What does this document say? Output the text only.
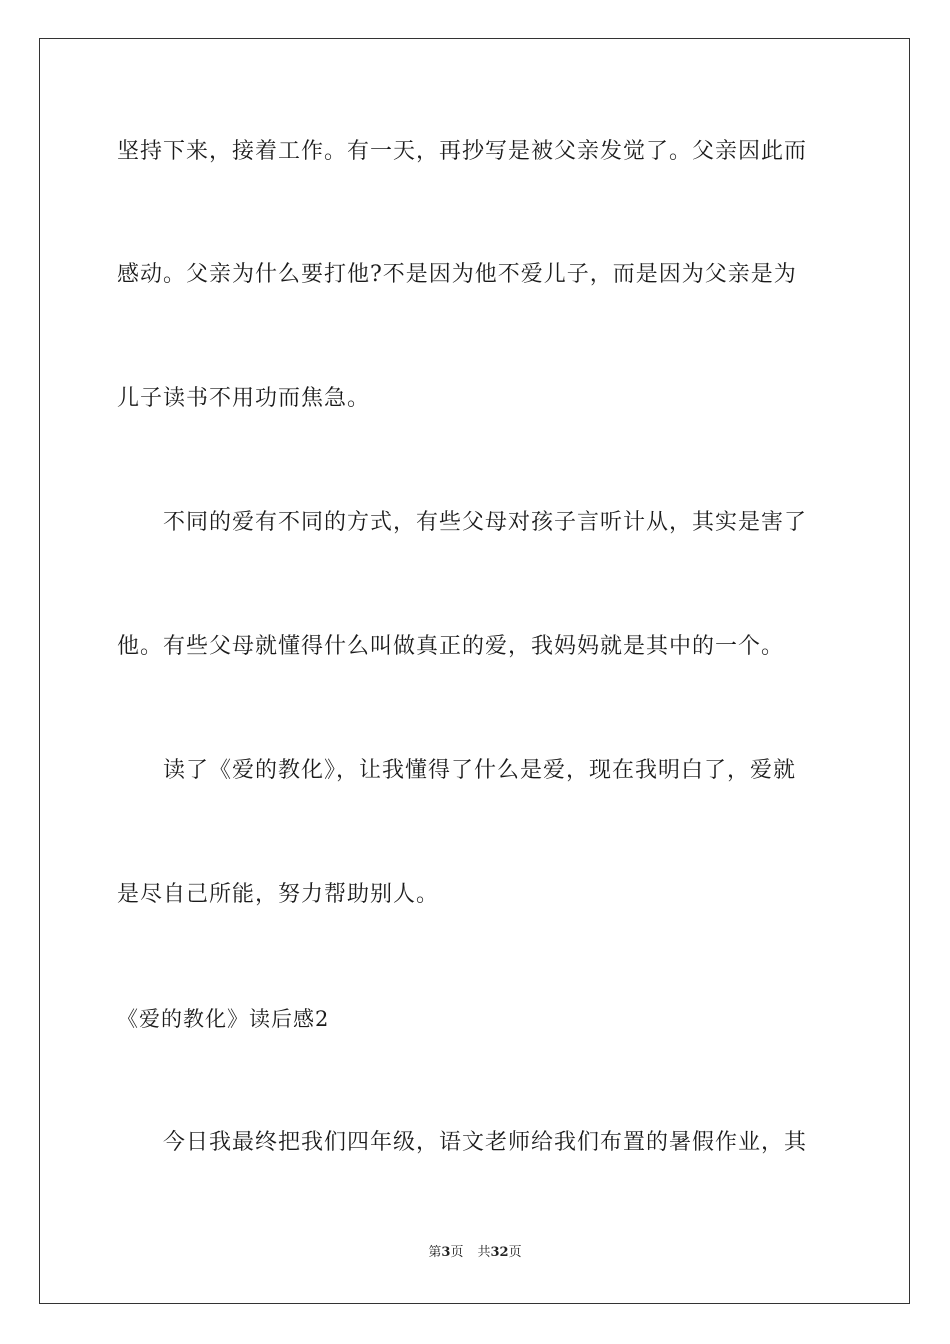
坚持下来，接着工作。有一天，再抄写是被父亲发觉了。父亲因此而
感动。父亲为什么要打他?不是因为他不爱儿子，而是因为父亲是为
儿子读书不用功而焦急。
不同的爱有不同的方式，有些父母对孩子言听计从，其实是害了
他。有些父母就懂得什么叫做真正的爱，我妈妈就是其中的一个。
读了《爱的教化》，让我懂得了什么是爱，现在我明白了，爱就
是尽自己所能，努力帮助别人。
《爱的教化》读后感2
今日我最终把我们四年级，语文老师给我们布置的暑假作业，其
第3页 共32页
